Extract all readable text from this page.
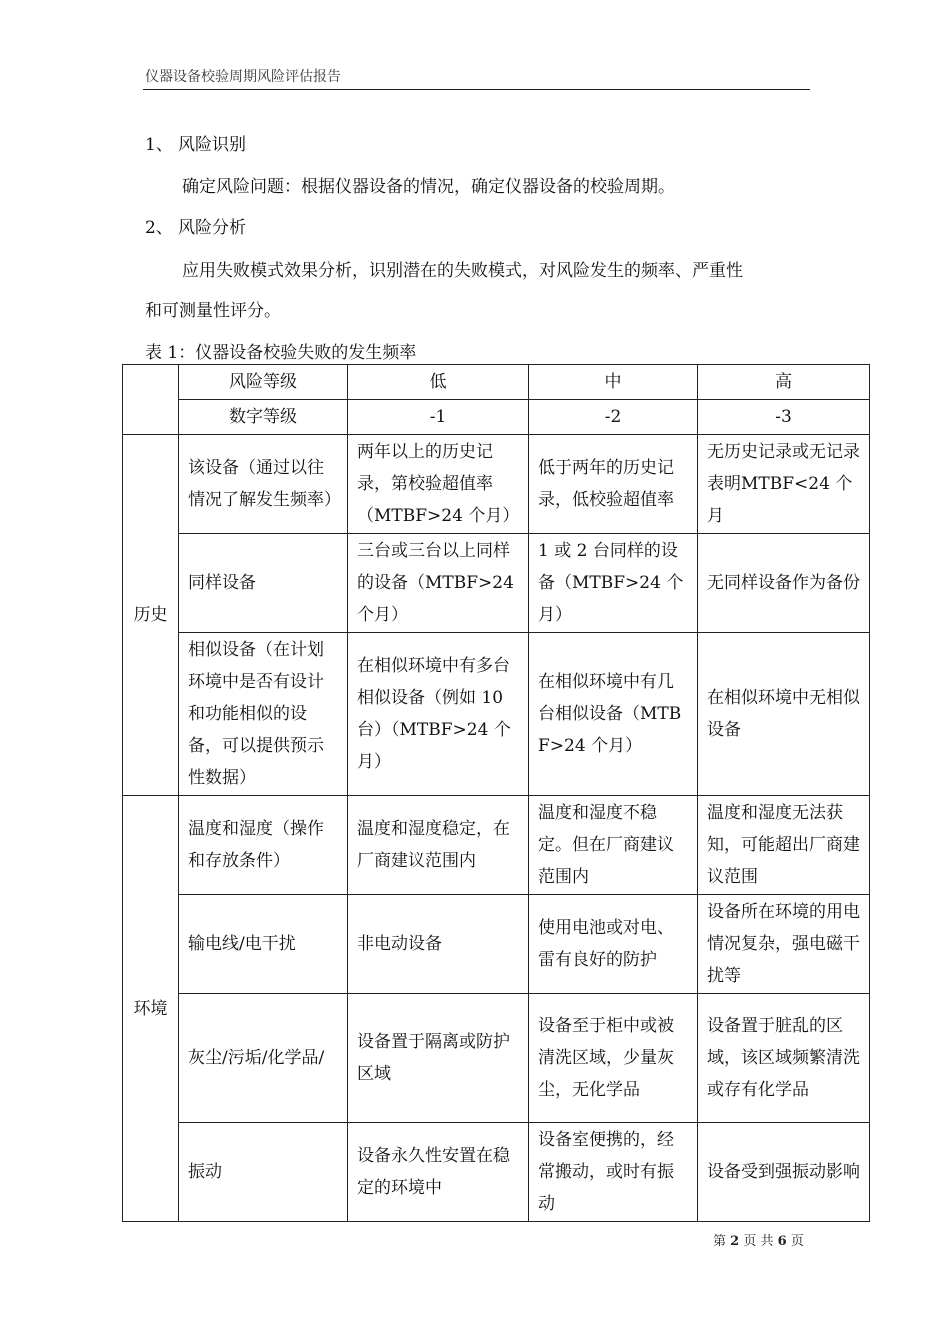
仪器设备校验周期风险评估报告
1、 风险识别
确定风险问题：根据仪器设备的情况，确定仪器设备的校验周期。
2、 风险分析
应用失败模式效果分析，识别潜在的失败模式，对风险发生的频率、严重性
和可测量性评分。
表 1：仪器设备校验失败的发生频率
	风险等级	低	中	高
	数字等级	-1	-2	-3
历史	该设备（通过以往情况了解发生频率）	两年以上的历史记录，第校验超值率（MTBF>24 个月）	低于两年的历史记录，低校验超值率	无历史记录或无记录表明MTBF<24 个月
	同样设备	三台或三台以上同样的设备（MTBF>24 个月）	1 或 2 台同样的设备（MTBF>24 个月）	无同样设备作为备份
	相似设备（在计划环境中是否有设计和功能相似的设备，可以提供预示性数据）	在相似环境中有多台相似设备（例如 10 台）（MTBF>24 个月）	在相似环境中有几台相似设备（MTBF>24 个月）	在相似环境中无相似设备
环境	温度和湿度（操作和存放条件）	温度和湿度稳定，在厂商建议范围内	温度和湿度不稳定。但在厂商建议范围内	温度和湿度无法获知，可能超出厂商建议范围
	输电线/电干扰	非电动设备	使用电池或对电、雷有良好的防护	设备所在环境的用电情况复杂，强电磁干扰等
	灰尘/污垢/化学品/	设备置于隔离或防护区域	设备至于柜中或被清洗区域，少量灰尘，无化学品	设备置于脏乱的区域，该区域频繁清洗或存有化学品
	振动	设备永久性安置在稳定的环境中	设备室便携的，经常搬动，或时有振动	设备受到强振动影响
第 2 页 共 6 页
